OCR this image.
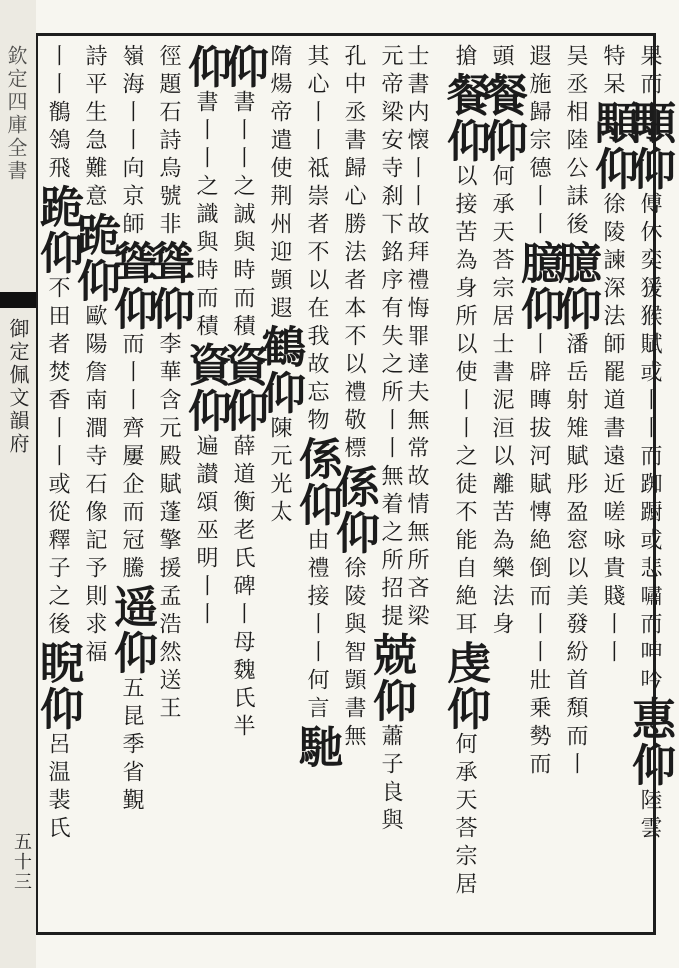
欽定四庫全書
御定佩文韻府
五十三
果而顒仰傅休奕猨猴賦或丨丨而踟蹰或悲嘯而呻吟惠仰陸雲
特呆顒仰徐陵諫深法師罷道書遠近嗟咏貴賤丨丨
吴丞相陸公誄後臆仰潘岳射雉賦彤盈窓以美發紛首頽而丨
遐施歸宗德丨丨臆仰丨辟䁣拔河賦慱絶倒而丨丨壯乗勢而
頭餐仰何承天荅宗居士書泥洹以離苦為樂法身
搶餐仰以接苦為身所以使丨丨之徒不能自絶耳虔仰何承天荅宗居
士書内懐丨丨故拜禮悔罪達夫無常故情無所吝梁
元帝梁安寺刹下銘序有失之所丨丨無着之所招提兢仰蕭子良與
孔中丞書歸心勝法者本不以禮敬標係仰徐陵與智顗書無
其心丨丨祗崇者不以在我故忘物係仰由禮接丨丨何言馳
隋煬帝遣使荆州迎顗遐鶴仰陳元光太
仰書丨丨之誠與時而積資仰薛道衡老氏碑丨母魏氏半
仰書丨丨之識與時而積資仰遍讃頌巫明丨丨
徑題石詩烏號非聳仰李華含元殿賦蓬擎援孟浩然送王
嶺海丨丨向京師聳仰而丨丨齊屢企而冠騰遥仰五昆季省覲
詩平生急難意跪仰歐陽詹南澗寺石像記予則求福
丨丨鶺鴒飛跪仰不田者焚香丨丨或從釋子之後睨仰呂温裴氏
